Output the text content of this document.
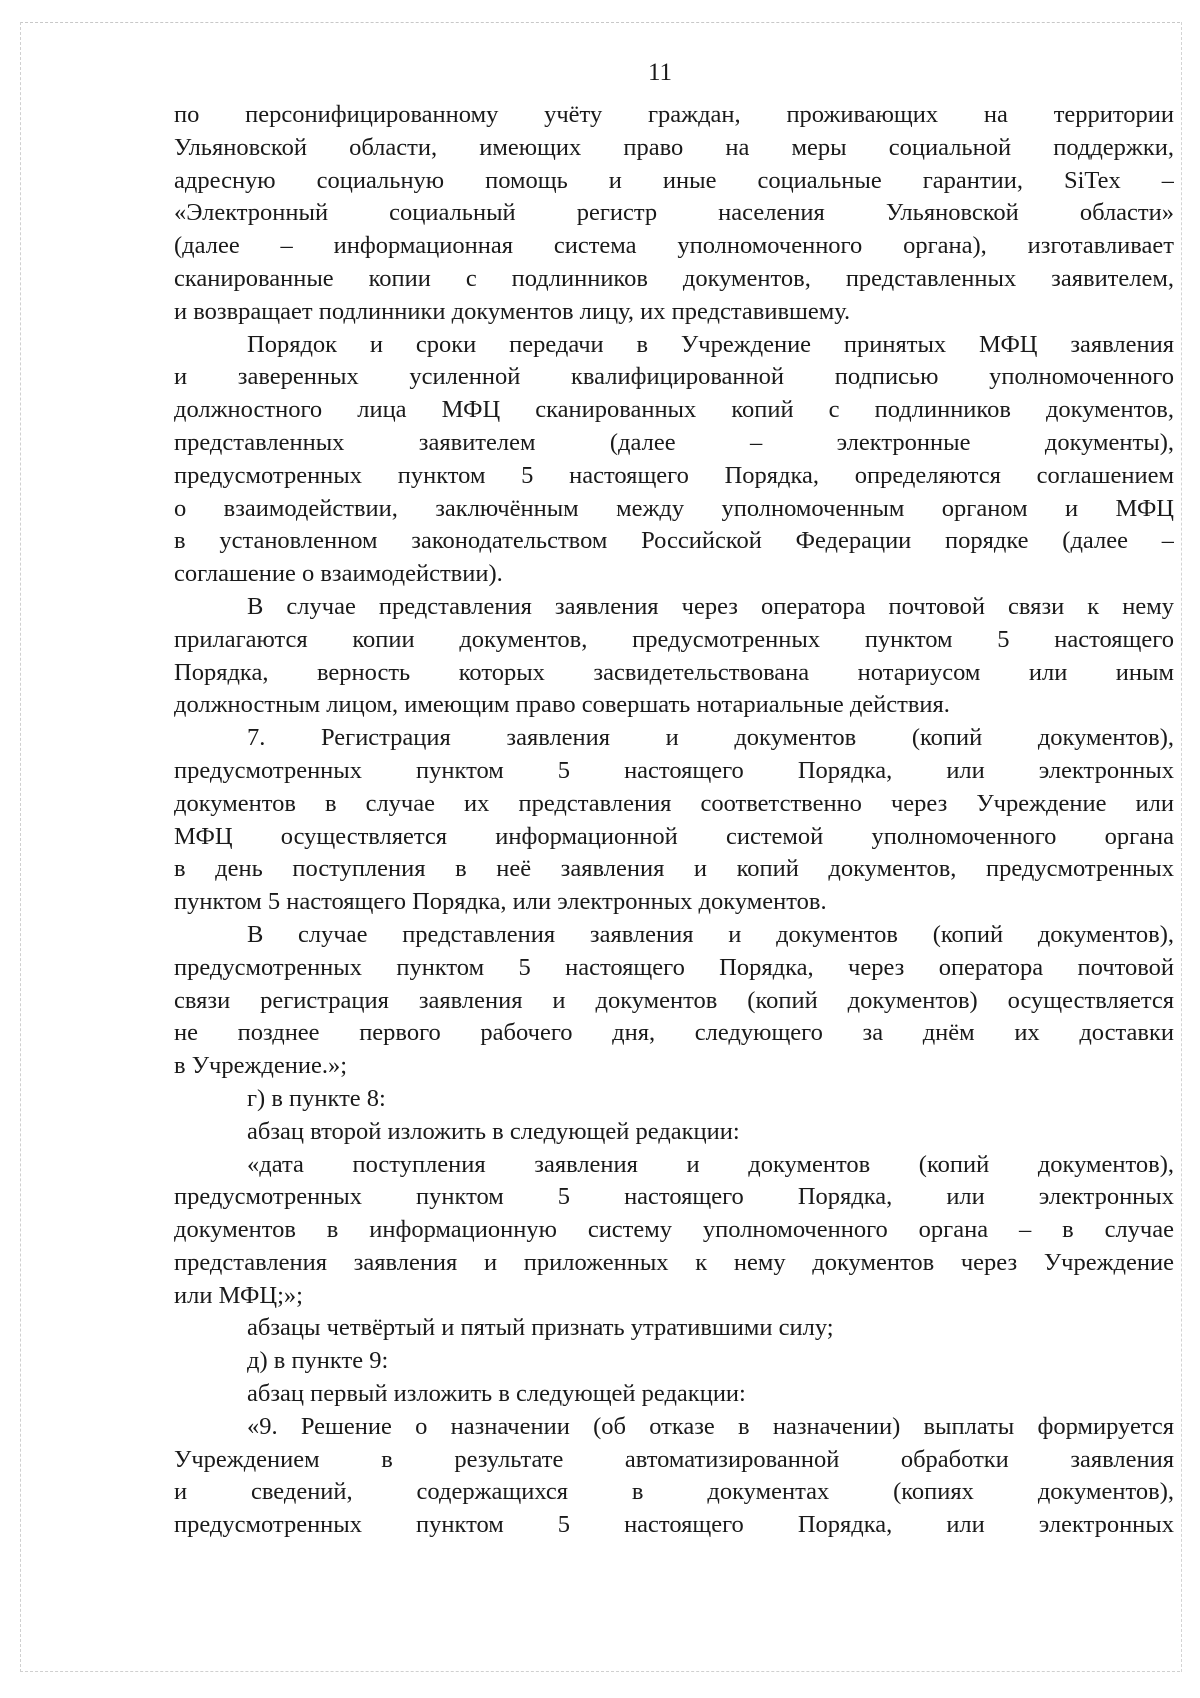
11
по персонифицированному учёту граждан, проживающих на территории
Ульяновской области, имеющих право на меры социальной поддержки,
адресную социальную помощь и иные социальные гарантии, SiTex –
«Электронный социальный регистр населения Ульяновской области»
(далее – информационная система уполномоченного органа), изготавливает
сканированные копии с подлинников документов, представленных заявителем,
и возвращает подлинники документов лицу, их представившему.
Порядок и сроки передачи в Учреждение принятых МФЦ заявления
и заверенных усиленной квалифицированной подписью уполномоченного
должностного лица МФЦ сканированных копий с подлинников документов,
представленных заявителем (далее – электронные документы),
предусмотренных пунктом 5 настоящего Порядка, определяются соглашением
о взаимодействии, заключённым между уполномоченным органом и МФЦ
в установленном законодательством Российской Федерации порядке (далее –
соглашение о взаимодействии).
В случае представления заявления через оператора почтовой связи к нему
прилагаются копии документов, предусмотренных пунктом 5 настоящего
Порядка, верность которых засвидетельствована нотариусом или иным
должностным лицом, имеющим право совершать нотариальные действия.
7. Регистрация заявления и документов (копий документов),
предусмотренных пунктом 5 настоящего Порядка, или электронных
документов в случае их представления соответственно через Учреждение или
МФЦ осуществляется информационной системой уполномоченного органа
в день поступления в неё заявления и копий документов, предусмотренных
пунктом 5 настоящего Порядка, или электронных документов.
В случае представления заявления и документов (копий документов),
предусмотренных пунктом 5 настоящего Порядка, через оператора почтовой
связи регистрация заявления и документов (копий документов) осуществляется
не позднее первого рабочего дня, следующего за днём их доставки
в Учреждение.»;
г) в пункте 8:
абзац второй изложить в следующей редакции:
«дата поступления заявления и документов (копий документов),
предусмотренных пунктом 5 настоящего Порядка, или электронных
документов в информационную систему уполномоченного органа – в случае
представления заявления и приложенных к нему документов через Учреждение
или МФЦ;»;
абзацы четвёртый и пятый признать утратившими силу;
д) в пункте 9:
абзац первый изложить в следующей редакции:
«9. Решение о назначении (об отказе в назначении) выплаты формируется
Учреждением в результате автоматизированной обработки заявления
и сведений, содержащихся в документах (копиях документов),
предусмотренных пунктом 5 настоящего Порядка, или электронных
